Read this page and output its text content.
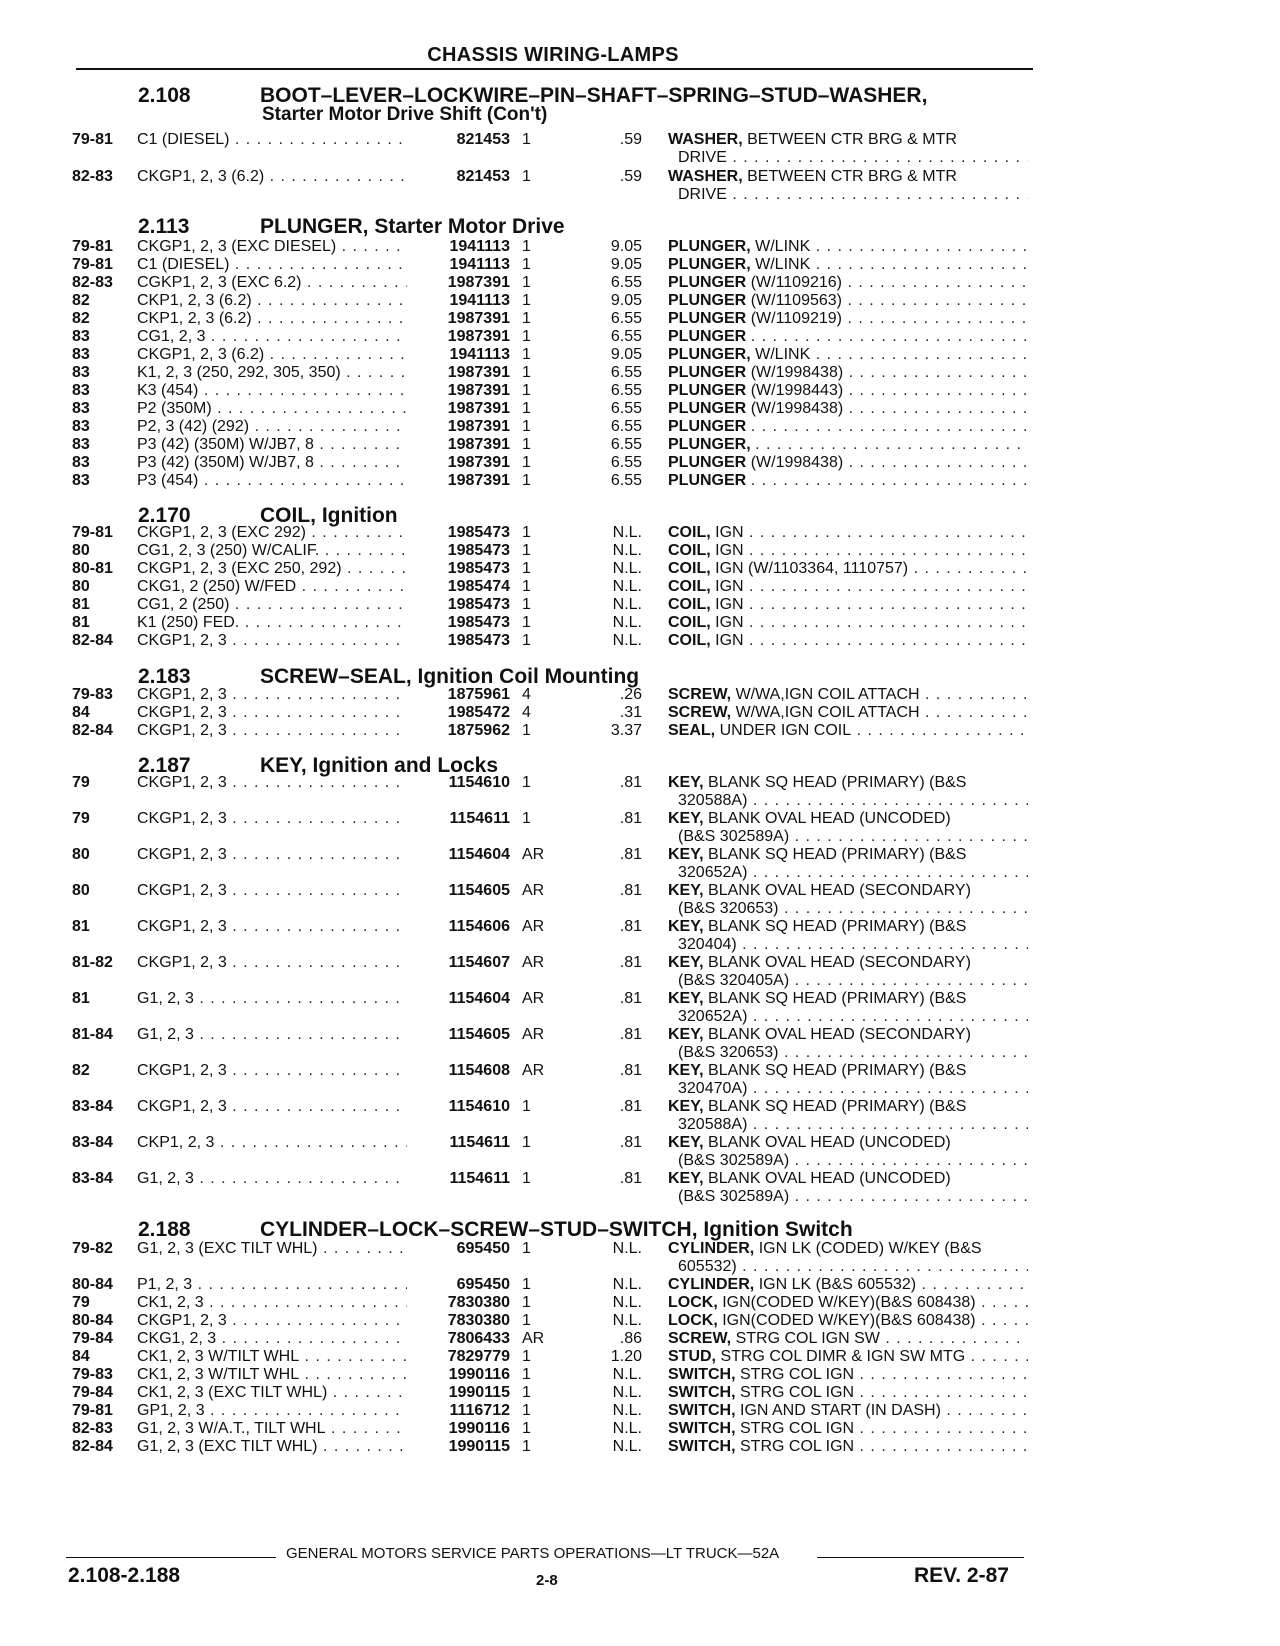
CHASSIS WIRING-LAMPS
2.108	BOOT–LEVER–LOCKWIRE–PIN–SHAFT–SPRING–STUD–WASHER,
Starter Motor Drive Shift (Con't)
2.113	PLUNGER, Starter Motor Drive
2.170	COIL, Ignition
2.183	SCREW–SEAL, Ignition Coil Mounting
2.187	KEY, Ignition and Locks
2.188	CYLINDER–LOCK–SCREW–STUD–SWITCH, Ignition Switch
79-81	C1 (DIESEL) . . .	821453 1	.59 WASHER, BETWEEN CTR BRG & MTR
DRIVE . . .
82-83	CKGP1, 2, 3 (6.2) . . .	821453 1	.59 WASHER, BETWEEN CTR BRG & MTR
DRIVE . . .
79-81	CKGP1, 2, 3 (EXC DIESEL) . . .	1941113 1	9.05 PLUNGER, W/LINK . . .
79-81	C1 (DIESEL) . . .	1941113 1	9.05 PLUNGER, W/LINK . . .
82-83	CGKP1, 2, 3 (EXC 6.2) . . .	1987391 1	6.55 PLUNGER (W/1109216) . . .
82	CKP1, 2, 3 (6.2) . . .	1941113 1	9.05 PLUNGER (W/1109563) . . .
82	CKP1, 2, 3 (6.2) . . .	1987391 1	6.55 PLUNGER (W/1109219) . . .
83	CG1, 2, 3 . . .	1987391 1	6.55 PLUNGER . . .
83	CKGP1, 2, 3 (6.2) . . .	1941113 1	9.05 PLUNGER, W/LINK . . .
83	K1, 2, 3 (250, 292, 305, 350) . . .	1987391 1	6.55 PLUNGER (W/1998438) . . .
83	K3 (454) . . .	1987391 1	6.55 PLUNGER (W/1998443) . . .
83	P2 (350M) . . .	1987391 1	6.55 PLUNGER (W/1998438) . . .
83	P2, 3 (42) (292) . . .	1987391 1	6.55 PLUNGER . . .
83	P3 (42) (350M) W/JB7, 8 . . .	1987391 1	6.55 PLUNGER, . . .
83	P3 (42) (350M) W/JB7, 8 . . .	1987391 1	6.55 PLUNGER (W/1998438) . . .
83	P3 (454) . . .	1987391 1	6.55 PLUNGER . . .
79-81	CKGP1, 2, 3 (EXC 292) . . .	1985473 1	N.L. COIL, IGN . . .
80	CG1, 2, 3 (250) W/CALIF. . . .	1985473 1	N.L. COIL, IGN . . .
80-81	CKGP1, 2, 3 (EXC 250, 292) . . .	1985473 1	N.L. COIL, IGN (W/1103364, 1110757) . . .
80	CKG1, 2 (250) W/FED . . .	1985474 1	N.L. COIL, IGN . . .
81	CG1, 2 (250) . . .	1985473 1	N.L. COIL, IGN . . .
81	K1 (250) FED. . . .	1985473 1	N.L. COIL, IGN . . .
82-84	CKGP1, 2, 3 . . .	1985473 1	N.L. COIL, IGN . . .
79-83	CKGP1, 2, 3 . . .	1875961 4	.26 SCREW, W/WA,IGN COIL ATTACH . . .
84	CKGP1, 2, 3 . . .	1985472 4	.31 SCREW, W/WA,IGN COIL ATTACH . . .
82-84	CKGP1, 2, 3 . . .	1875962 1	3.37 SEAL, UNDER IGN COIL . . .
79	CKGP1, 2, 3 . . .	1154610 1	.81 KEY, BLANK SQ HEAD (PRIMARY) (B&S
320588A) . . .
79	CKGP1, 2, 3 . . .	1154611 1	.81 KEY, BLANK OVAL HEAD (UNCODED)
(B&S 302589A) . . .
80	CKGP1, 2, 3 . . .	1154604 AR	.81 KEY, BLANK SQ HEAD (PRIMARY) (B&S
320652A) . . .
80	CKGP1, 2, 3 . . .	1154605 AR	.81 KEY, BLANK OVAL HEAD (SECONDARY)
(B&S 320653) . . .
81	CKGP1, 2, 3 . . .	1154606 AR	.81 KEY, BLANK SQ HEAD (PRIMARY) (B&S
320404) . . .
81-82	CKGP1, 2, 3 . . .	1154607 AR	.81 KEY, BLANK OVAL HEAD (SECONDARY)
(B&S 320405A) . . .
81	G1, 2, 3 . . .	1154604 AR	.81 KEY, BLANK SQ HEAD (PRIMARY) (B&S
320652A) . . .
81-84	G1, 2, 3 . . .	1154605 AR	.81 KEY, BLANK OVAL HEAD (SECONDARY)
(B&S 320653) . . .
82	CKGP1, 2, 3 . . .	1154608 AR	.81 KEY, BLANK SQ HEAD (PRIMARY) (B&S
320470A) . . .
83-84	CKGP1, 2, 3 . . .	1154610 1	.81 KEY, BLANK SQ HEAD (PRIMARY) (B&S
320588A) . . .
83-84	CKP1, 2, 3 . . .	1154611 1	.81 KEY, BLANK OVAL HEAD (UNCODED)
(B&S 302589A) . . .
83-84	G1, 2, 3 . . .	1154611 1	.81 KEY, BLANK OVAL HEAD (UNCODED)
(B&S 302589A) . . .
79-82	G1, 2, 3 (EXC TILT WHL) . . .	695450 1	N.L. CYLINDER, IGN LK (CODED) W/KEY (B&S
605532) . . .
80-84	P1, 2, 3 . . .	695450 1	N.L. CYLINDER, IGN LK (B&S 605532) . . .
79	CK1, 2, 3 . . .	7830380 1	N.L. LOCK, IGN(CODED W/KEY)(B&S 608438) . . .
80-84	CKGP1, 2, 3 . . .	7830380 1	N.L. LOCK, IGN(CODED W/KEY)(B&S 608438) . . .
79-84	CKG1, 2, 3 . . .	7806433 AR	.86 SCREW, STRG COL IGN SW . . .
84	CK1, 2, 3 W/TILT WHL . . .	7829779 1	1.20 STUD, STRG COL DIMR & IGN SW MTG . . .
79-83	CK1, 2, 3 W/TILT WHL . . .	1990116 1	N.L. SWITCH, STRG COL IGN . . .
79-84	CK1, 2, 3 (EXC TILT WHL) . . .	1990115 1	N.L. SWITCH, STRG COL IGN . . .
79-81	GP1, 2, 3 . . .	1116712 1	N.L. SWITCH, IGN AND START (IN DASH) . . .
82-83	G1, 2, 3 W/A.T., TILT WHL . . .	1990116 1	N.L. SWITCH, STRG COL IGN . . .
82-84	G1, 2, 3 (EXC TILT WHL) . . .	1990115 1	N.L. SWITCH, STRG COL IGN . . .
GENERAL MOTORS SERVICE PARTS OPERATIONS—LT TRUCK—52A
2.108-2.188	2-8	REV. 2-87
